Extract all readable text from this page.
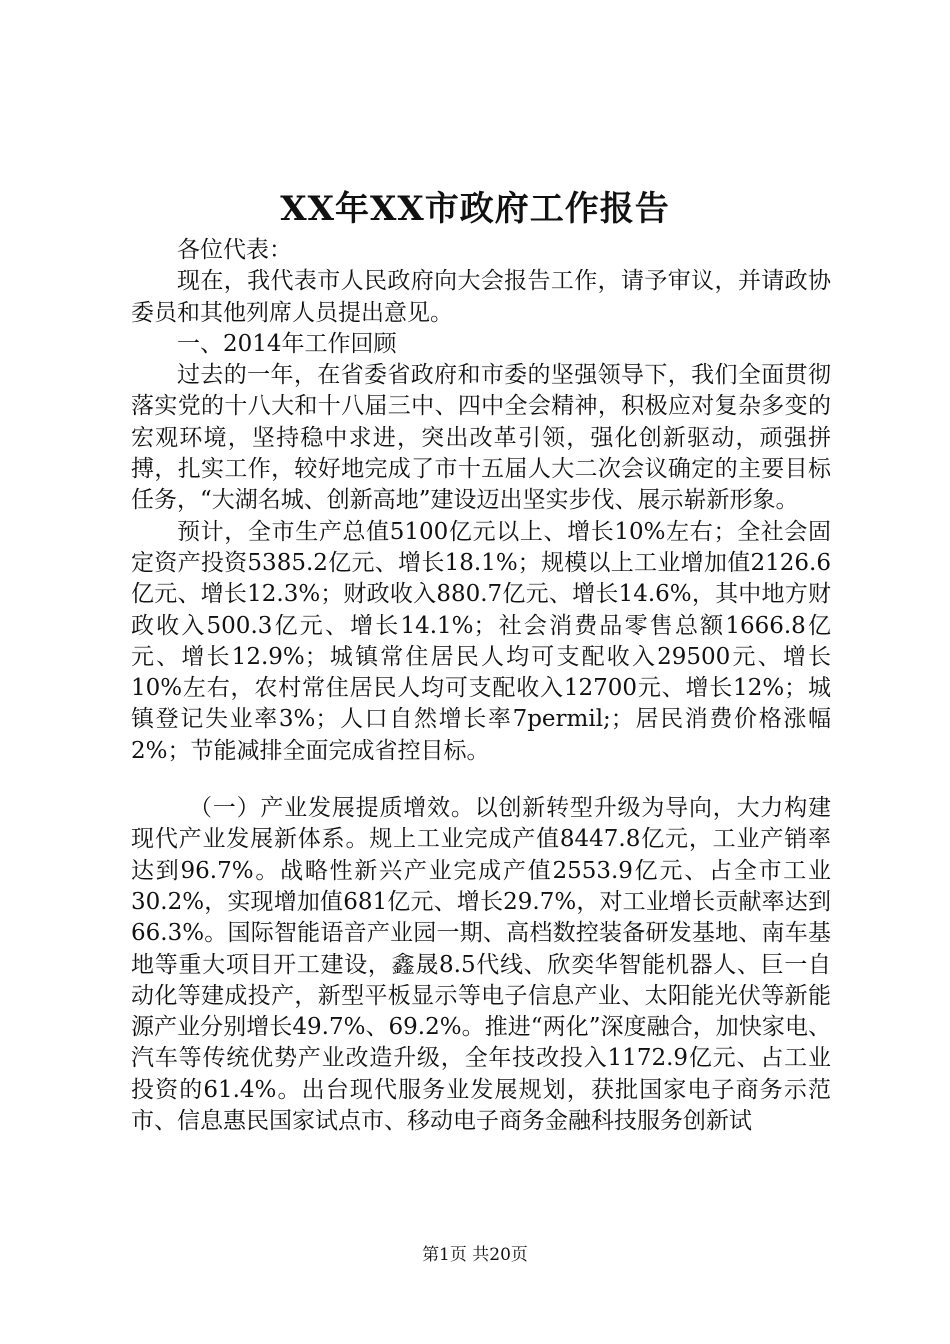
XX年XX市政府工作报告

各位代表：

现在，我代表市人民政府向大会报告工作，请予审议，并请政协委员和其他列席人员提出意见。

一、2014年工作回顾

过去的一年，在省委省政府和市委的坚强领导下，我们全面贯彻落实党的十八大和十八届三中、四中全会精神，积极应对复杂多变的宏观环境，坚持稳中求进，突出改革引领，强化创新驱动，顽强拼搏，扎实工作，较好地完成了市十五届人大二次会议确定的主要目标任务，“大湖名城、创新高地”建设迈出坚实步伐、展示崭新形象。

预计，全市生产总值5100亿元以上、增长10%左右；全社会固定资产投资5385.2亿元、增长18.1%；规模以上工业增加值2126.6亿元、增长12.3%；财政收入880.7亿元、增长14.6%，其中地方财政收入500.3亿元、增长14.1%；社会消费品零售总额1666.8亿元、增长12.9%；城镇常住居民人均可支配收入29500元、增长10%左右，农村常住居民人均可支配收入12700元、增长12%；城镇登记失业率3%；人口自然增长率7permil;；居民消费价格涨幅2%；节能减排全面完成省控目标。

（一）产业发展提质增效。以创新转型升级为导向，大力构建现代产业发展新体系。规上工业完成产值8447.8亿元，工业产销率达到96.7%。战略性新兴产业完成产值2553.9亿元、占全市工业30.2%，实现增加值681亿元、增长29.7%，对工业增长贡献率达到66.3%。国际智能语音产业园一期、高档数控装备研发基地、南车基地等重大项目开工建设，鑫晟8.5代线、欣奕华智能机器人、巨一自动化等建成投产，新型平板显示等电子信息产业、太阳能光伏等新能源产业分别增长49.7%、69.2%。推进“两化”深度融合，加快家电、汽车等传统优势产业改造升级，全年技改投入1172.9亿元、占工业投资的61.4%。出台现代服务业发展规划，获批国家电子商务示范市、信息惠民国家试点市、移动电子商务金融科技服务创新试

第1页 共20页
